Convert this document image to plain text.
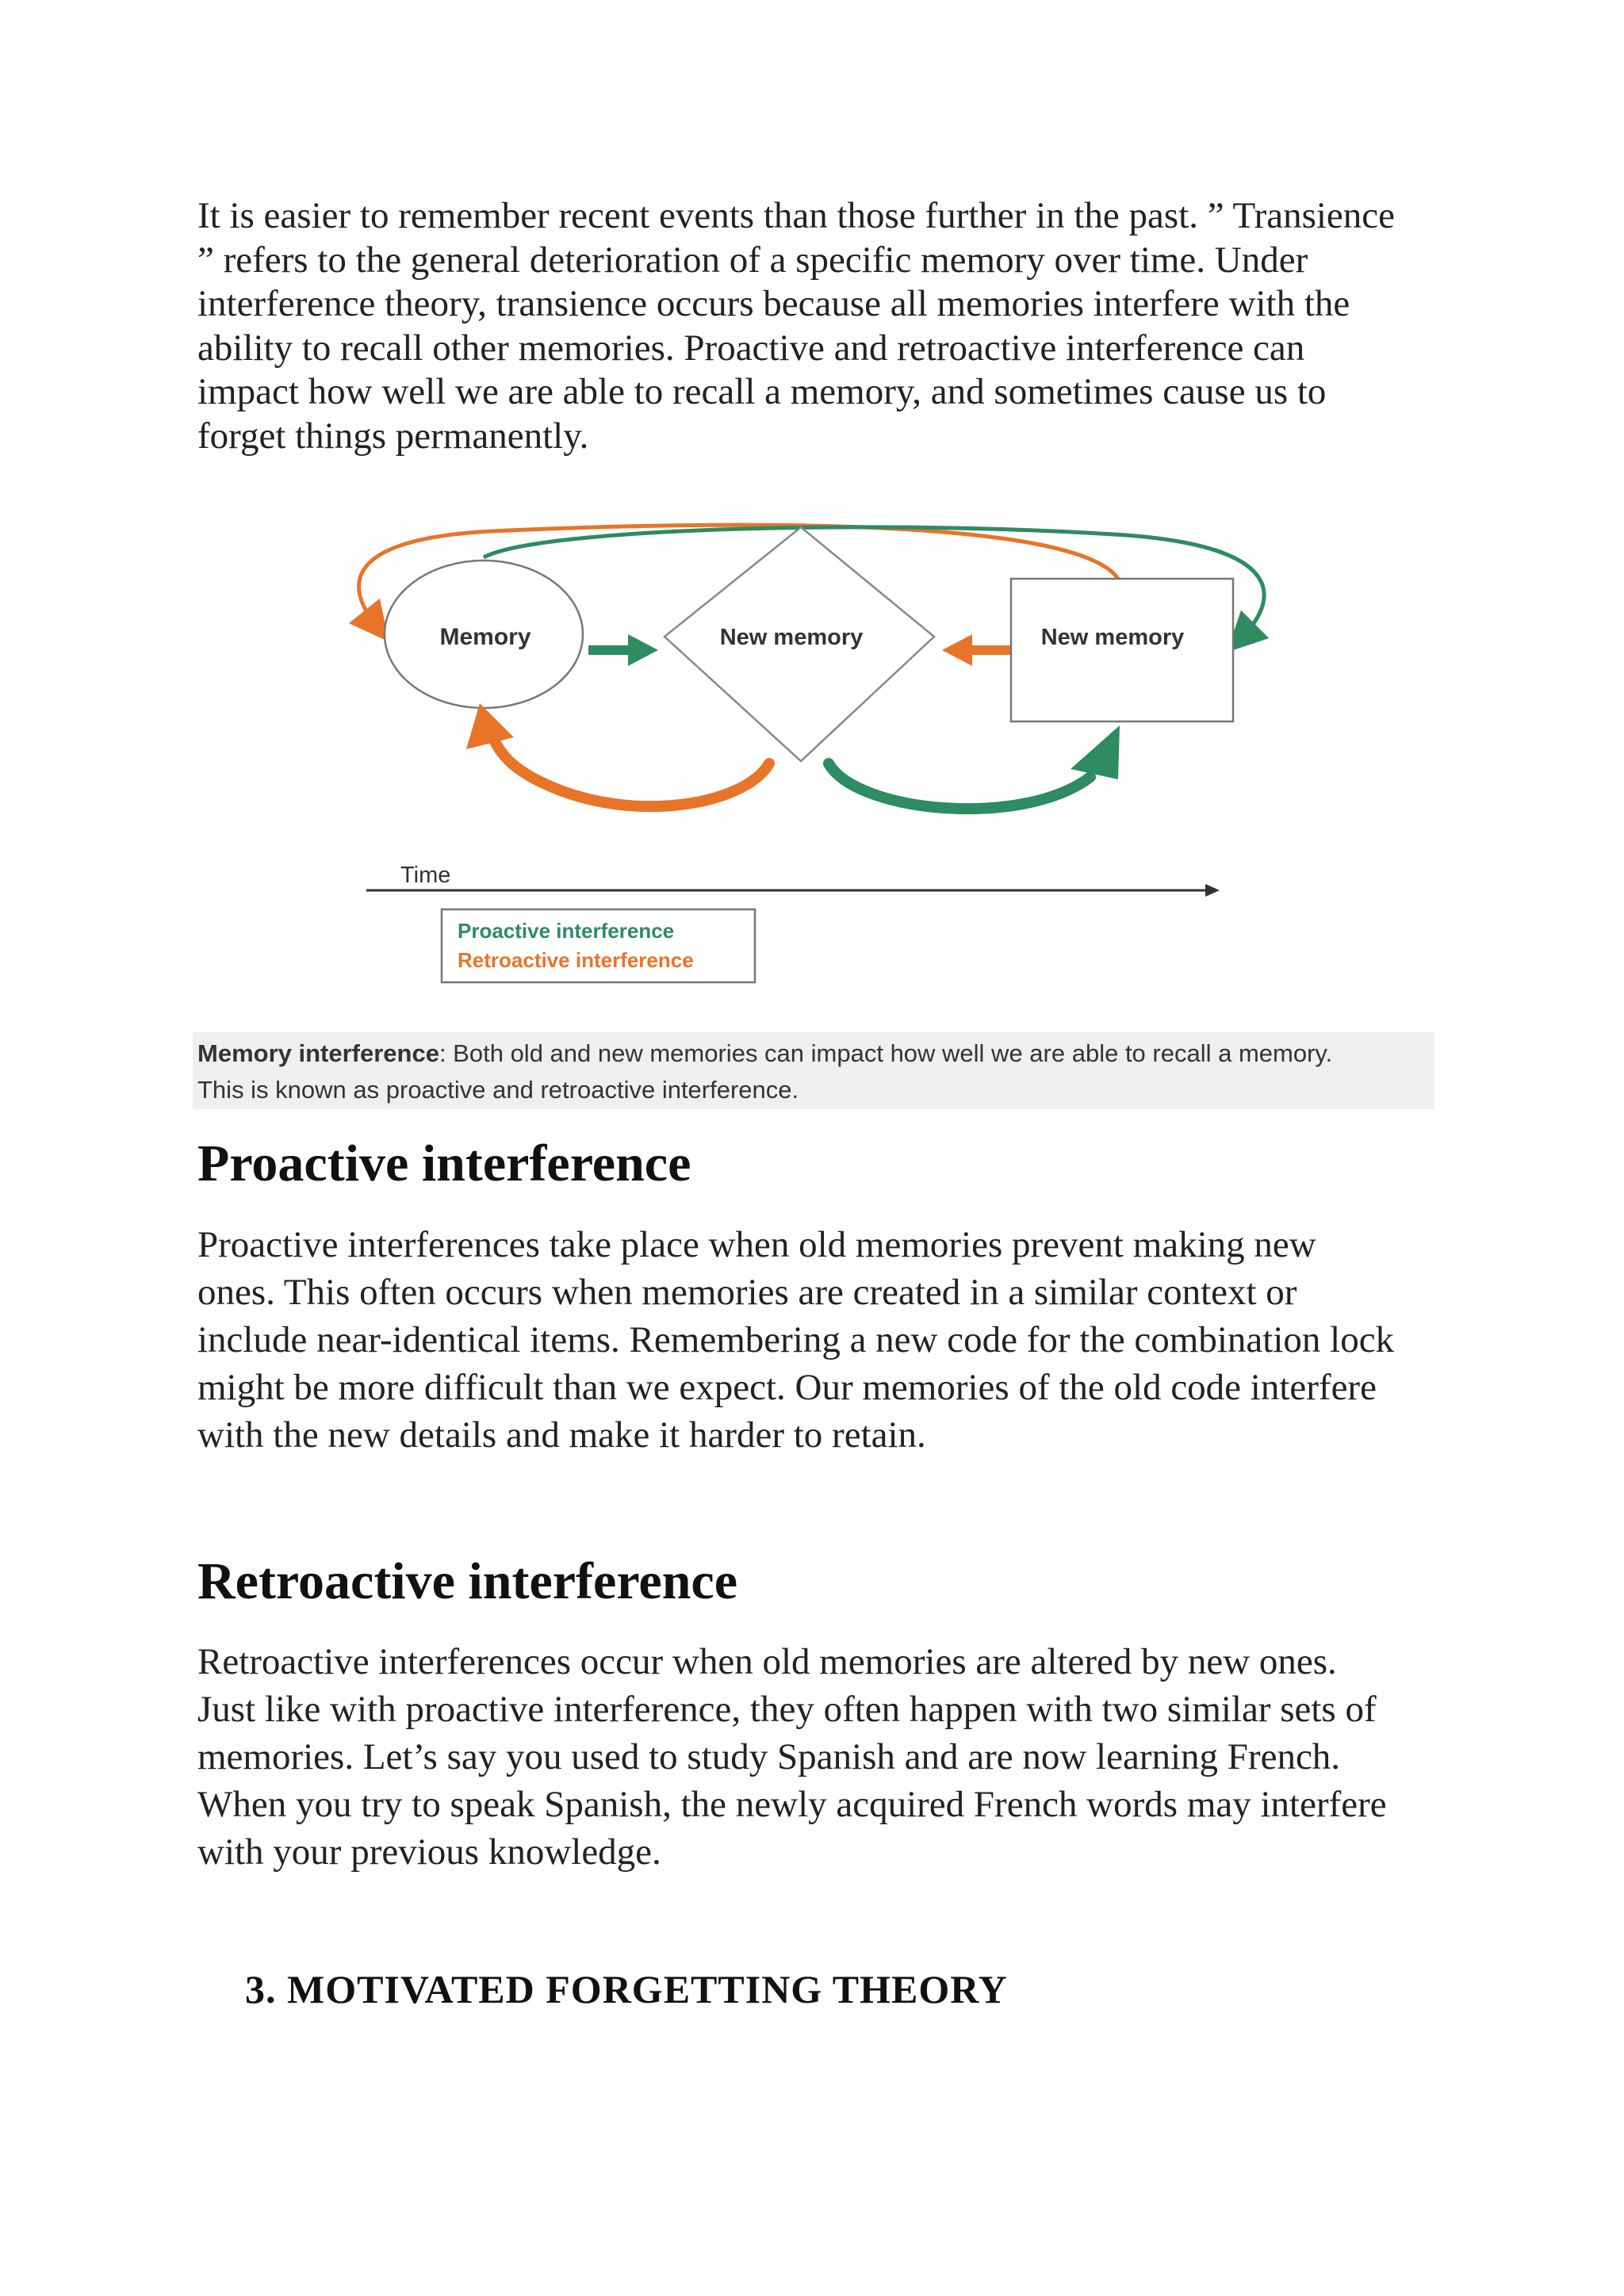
It is easier to remember recent events than those further in the past. ” Transience
” refers to the general deterioration of a specific memory over time. Under
interference theory, transience occurs because all memories interfere with the
ability to recall other memories. Proactive and retroactive interference can
impact how well we are able to recall a memory, and sometimes cause us to
forget things permanently.

Memory	New memory	New memory
Time
Proactive interference
Retroactive interference
Memory interference: Both old and new memories can impact how well we are able to recall a memory.
This is known as proactive and retroactive interference.
Proactive interference

Proactive interferences take place when old memories prevent making new
ones. This often occurs when memories are created in a similar context or
include near-identical items. Remembering a new code for the combination lock
might be more difficult than we expect. Our memories of the old code interfere
with the new details and make it harder to retain.

Retroactive interference

Retroactive interferences occur when old memories are altered by new ones.
Just like with proactive interference, they often happen with two similar sets of
memories. Let’s say you used to study Spanish and are now learning French.
When you try to speak Spanish, the newly acquired French words may interfere
with your previous knowledge.

3. MOTIVATED FORGETTING THEORY
